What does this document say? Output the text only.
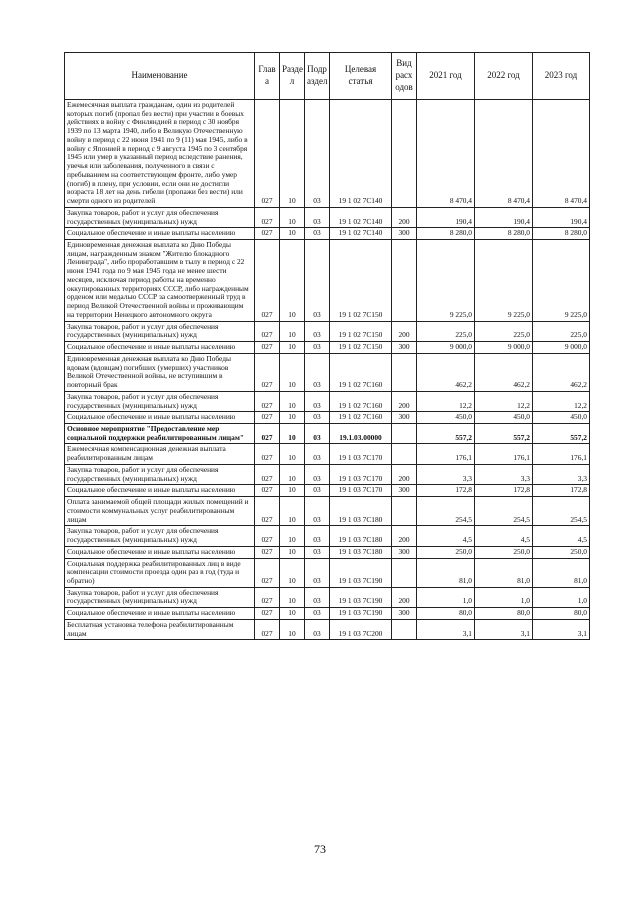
Наименование	Глав а	Разде л	Подр аздел	Целевая статья	Вид расх одов	2021 год	2022 год	2023 год
Ежемесячная выплата гражданам, один из родителей которых погиб (пропал без вести) при участии в боевых действиях в войну с Финляндией в период с 30 ноября 1939 по 13 марта 1940, либо в Великую Отечественную войну в период с 22 июня 1941 по 9 (11) мая 1945, либо в войну с Японией в период с 9 августа 1945 по 3 сентября 1945 или умер в указанный период вследствие ранения, увечья или заболевания, полученного в связи с пребыванием на соответствующем фронте, либо умер (погиб) в плену, при условии, если они не достигли возраста 18 лет на день гибели (пропажи без вести) или смерти одного из родителей	027	10	03	19 1 02 7С140		8 470,4	8 470,4	8 470,4
Закупка товаров, работ и услуг для обеспечения государственных (муниципальных) нужд	027	10	03	19 1 02 7С140	200	190,4	190,4	190,4
Социальное обеспечение и иные выплаты населению	027	10	03	19 1 02 7С140	300	8 280,0	8 280,0	8 280,0
Единовременная денежная выплата ко Дню Победы лицам, награжденным знаком "Жителю блокадного Ленинграда", либо проработавшим в тылу в период с 22 июня 1941 года по 9 мая 1945 года не менее шести месяцев, исключая период работы на временно оккупированных территориях СССР, либо награжденным орденом или медалью СССР за самоотверженный труд в период Великой Отечественной войны и проживающим на территории Ненецкого автономного округа	027	10	03	19 1 02 7С150		9 225,0	9 225,0	9 225,0
Закупка товаров, работ и услуг для обеспечения государственных (муниципальных) нужд	027	10	03	19 1 02 7С150	200	225,0	225,0	225,0
Социальное обеспечение и иные выплаты населению	027	10	03	19 1 02 7С150	300	9 000,0	9 000,0	9 000,0
Единовременная денежная выплата ко Дню Победы вдовам (вдовцам) погибших (умерших) участников Великой Отечественной войны, не вступившим в повторный брак	027	10	03	19 1 02 7С160		462,2	462,2	462,2
Закупка товаров, работ и услуг для обеспечения государственных (муниципальных) нужд	027	10	03	19 1 02 7С160	200	12,2	12,2	12,2
Социальное обеспечение и иные выплаты населению	027	10	03	19 1 02 7С160	300	450,0	450,0	450,0
Основное мероприятие "Предоставление мер социальной поддержки реабилитированным лицам"	027	10	03	19.1.03.00000		557,2	557,2	557,2
Ежемесячная компенсационная денежная выплата реабилитированным лицам	027	10	03	19 1 03 7С170		176,1	176,1	176,1
Закупка товаров, работ и услуг для обеспечения государственных (муниципальных) нужд	027	10	03	19 1 03 7С170	200	3,3	3,3	3,3
Социальное обеспечение и иные выплаты населению	027	10	03	19 1 03 7С170	300	172,8	172,8	172,8
Оплата занимаемой общей площади жилых помещений и стоимости коммунальных услуг реабилитированным лицам	027	10	03	19 1 03 7С180		254,5	254,5	254,5
Закупка товаров, работ и услуг для обеспечения государственных (муниципальных) нужд	027	10	03	19 1 03 7С180	200	4,5	4,5	4,5
Социальное обеспечение и иные выплаты населению	027	10	03	19 1 03 7С180	300	250,0	250,0	250,0
Социальная поддержка реабилитированных лиц в виде компенсации стоимости проезда один раз в год (туда и обратно)	027	10	03	19 1 03 7С190		81,0	81,0	81,0
Закупка товаров, работ и услуг для обеспечения государственных (муниципальных) нужд	027	10	03	19 1 03 7С190	200	1,0	1,0	1,0
Социальное обеспечение и иные выплаты населению	027	10	03	19 1 03 7С190	300	80,0	80,0	80,0
Бесплатная установка телефона реабилитированным лицам	027	10	03	19 1 03 7С200		3,1	3,1	3,1
73
